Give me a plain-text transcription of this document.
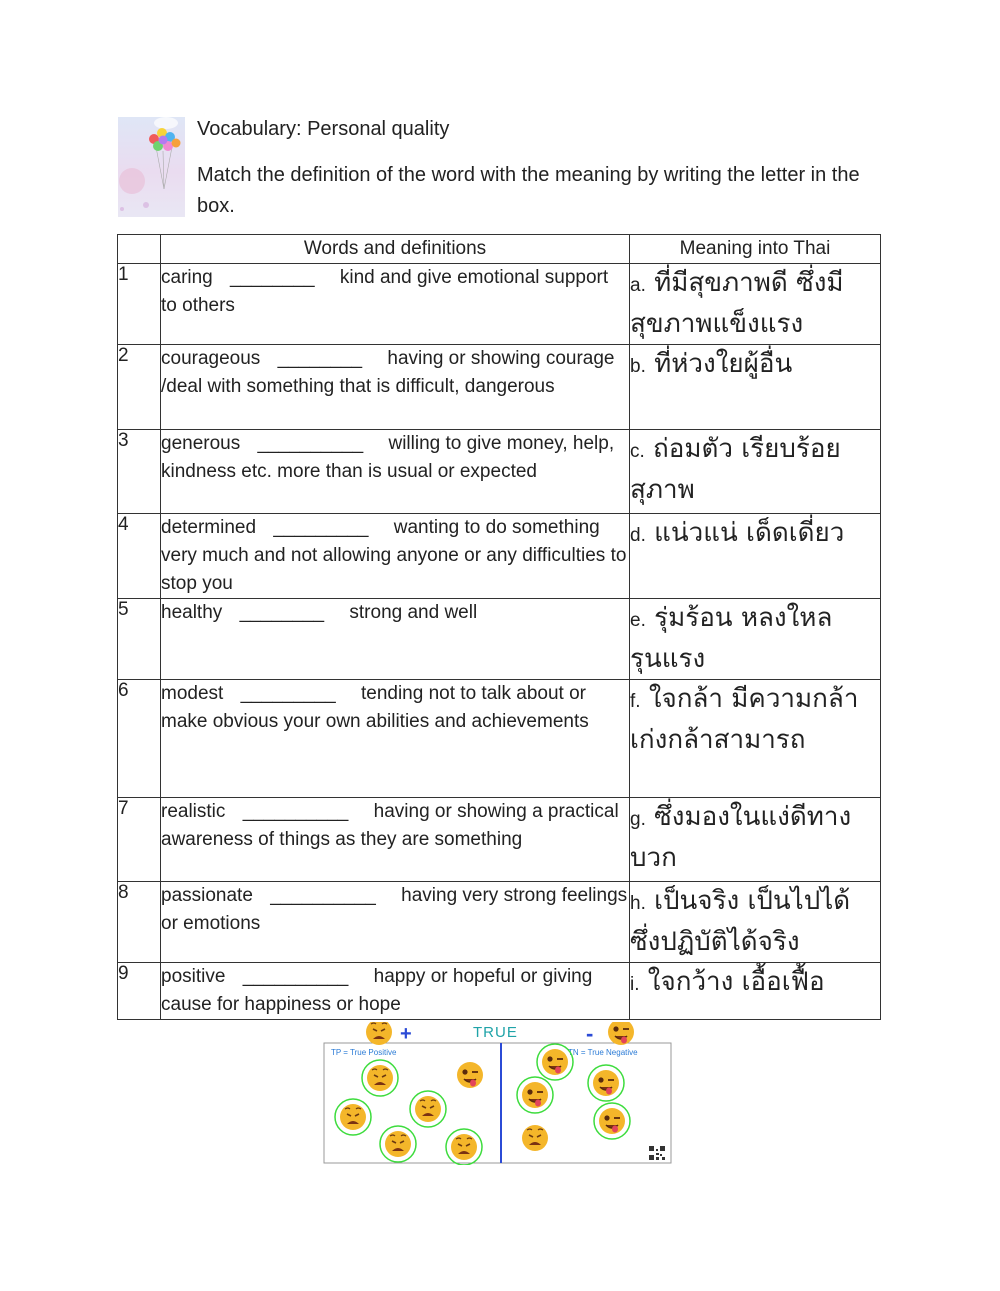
Vocabulary: Personal quality
Match the definition of the word with the meaning by writing the letter in the box.
	Words and definitions	Meaning into Thai
1	caring ________ kind and give emotional support to others	a. ที่มีสุขภาพดี ซึ่งมีสุขภาพแข็งแรง
2	courageous ________ having or showing courage /deal with something that is difficult, dangerous	b. ที่ห่วงใยผู้อื่น
3	generous __________ willing to give money, help, kindness etc. more than is usual or expected	c. ถ่อมตัว เรียบร้อย สุภาพ
4	determined _________ wanting to do something very much and not allowing anyone or any difficulties to stop you	d. แน่วแน่ เด็ดเดี่ยว
5	healthy ________ strong and well	e. รุ่มร้อน หลงใหล รุนแรง
6	modest _________ tending not to talk about or make obvious your own abilities and achievements	f. ใจกล้า มีความกล้า เก่งกล้าสามารถ
7	realistic __________ having or showing a practical awareness of things as they are something	g. ซึ่งมองในแง่ดีทางบวก
8	passionate __________ having very strong feelings or emotions	h. เป็นจริง เป็นไปได้ ซึ่งปฏิบัติได้จริง
9	positive __________ happy or hopeful or giving cause for happiness or hope	i. ใจกว้าง เอื้อเฟื้อ
+	TRUE	-
TP = True Positive	TN = True Negative
